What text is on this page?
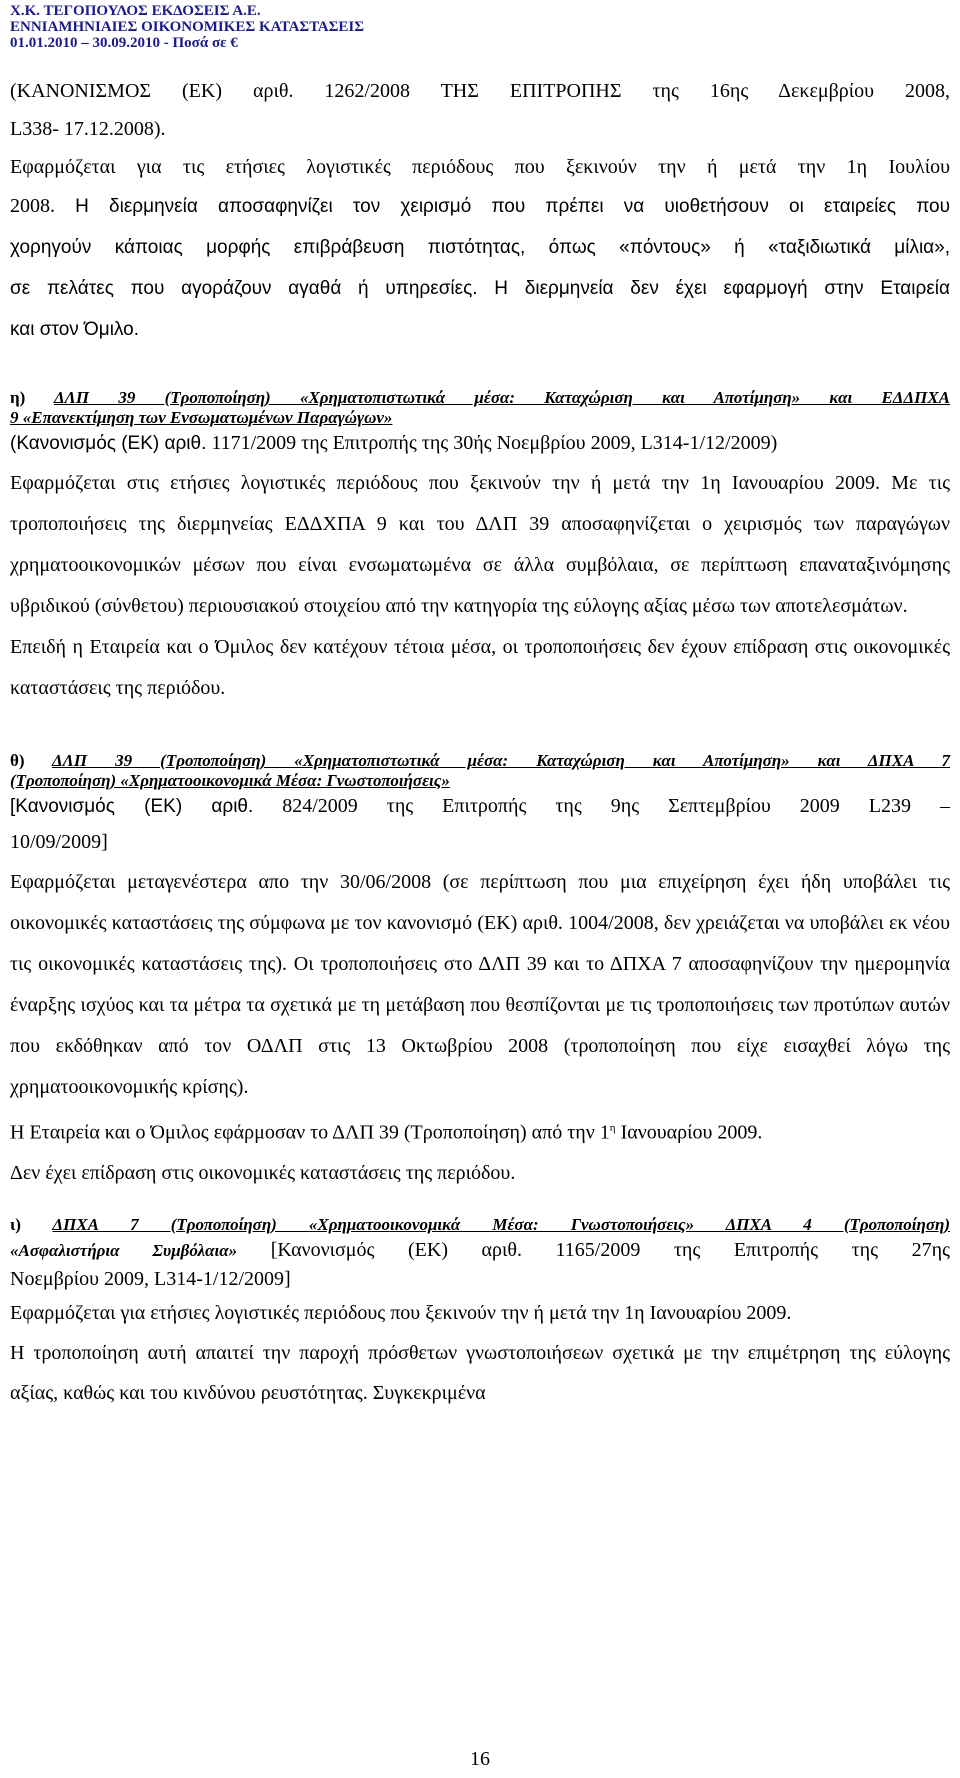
Χ.Κ. ΤΕΓΟΠΟΥΛΟΣ ΕΚΔΟΣΕΙΣ Α.Ε.
ΕΝΝΙΑΜΗΝΙΑΙΕΣ ΟΙΚΟΝΟΜΙΚΕΣ ΚΑΤΑΣΤΑΣΕΙΣ
01.01.2010 – 30.09.2010 - Ποσά σε €

(ΚΑΝΟΝΙΣΜΟΣ (ΕΚ) αριθ. 1262/2008 ΤΗΣ ΕΠΙΤΡΟΠΗΣ της 16ης Δεκεμβρίου 2008,

L338- 17.12.2008).

Εφαρμόζεται για τις ετήσιες λογιστικές περιόδους που ξεκινούν την ή μετά την 1η Ιουλίου

2008. Η διερμηνεία αποσαφηνίζει τον χειρισμό που πρέπει να υιοθετήσουν οι εταιρείες που

χορηγούν κάποιας μορφής επιβράβευση πιστότητας, όπως «πόντους» ή «ταξιδιωτικά μίλια»,

σε πελάτες που αγοράζουν αγαθά ή υπηρεσίες. Η διερμηνεία δεν έχει εφαρμογή στην Εταιρεία

και στον Όμιλο.

η) ΔΛΠ 39 (Τροποποίηση) «Χρηματοπιστωτικά μέσα: Καταχώριση και Αποτίμηση» και ΕΔΔΠΧΑ
9 «Επανεκτίμηση των Ενσωματωμένων Παραγώγων»

(Κανονισμός (ΕΚ) αριθ. 1171/2009 της Επιτροπής της 30ής Νοεμβρίου 2009, L314-1/12/2009)

Εφαρμόζεται στις ετήσιες λογιστικές περιόδους που ξεκινούν την ή μετά την 1η Ιανουαρίου 2009. Με τις τροποποιήσεις της διερμηνείας ΕΔΔΧΠΑ 9 και του ΔΛΠ 39 αποσαφηνίζεται ο χειρισμός των παραγώγων χρηματοοικονομικών μέσων που είναι ενσωματωμένα σε άλλα συμβόλαια, σε περίπτωση επαναταξινόμησης υβριδικού (σύνθετου) περιουσιακού στοιχείου από την κατηγορία της εύλογης αξίας μέσω των αποτελεσμάτων.

Επειδή η Εταιρεία και ο Όμιλος δεν κατέχουν τέτοια μέσα, οι τροποποιήσεις δεν έχουν επίδραση στις οικονομικές καταστάσεις της περιόδου.

θ) ΔΛΠ 39 (Τροποποίηση) «Χρηματοπιστωτικά μέσα: Καταχώριση και Αποτίμηση» και ΔΠΧΑ 7
(Τροποποίηση) «Χρηματοοικονομικά Μέσα: Γνωστοποιήσεις»

[Κανονισμός (ΕΚ) αριθ. 824/2009 της Επιτροπής της 9ης Σεπτεμβρίου 2009 L239 –

10/09/2009]

Εφαρμόζεται μεταγενέστερα απο την 30/06/2008 (σε περίπτωση που μια επιχείρηση έχει ήδη υποβάλει τις οικονομικές καταστάσεις της σύμφωνα με τον κανονισμό (ΕΚ) αριθ. 1004/2008, δεν χρειάζεται να υποβάλει εκ νέου τις οικονομικές καταστάσεις της). Οι τροποποιήσεις στο ΔΛΠ 39 και το ΔΠΧΑ 7 αποσαφηνίζουν την ημερομηνία έναρξης ισχύος και τα μέτρα τα σχετικά με τη μετάβαση που θεσπίζονται με τις τροποποιήσεις των προτύπων αυτών που εκδόθηκαν από τον ΟΔΛΠ στις 13 Οκτωβρίου 2008 (τροποποίηση που είχε εισαχθεί λόγω της χρηματοοικονομικής κρίσης).

Η Εταιρεία και ο Όμιλος εφάρμοσαν το ΔΛΠ 39 (Τροποποίηση) από την $1^\eta$ Ιανουαρίου 2009.

Δεν έχει επίδραση στις οικονομικές καταστάσεις της περιόδου.

ι) ΔΠΧΑ 7 (Τροποποίηση) «Χρηματοοικονομικά Μέσα: Γνωστοποιήσεις» ΔΠΧΑ 4 (Τροποποίηση)
«Ασφαλιστήρια Συμβόλαια» [Κανονισμός (ΕΚ) αριθ. 1165/2009 της Επιτροπής της 27ης

Νοεμβρίου 2009, L314-1/12/2009]

Εφαρμόζεται για ετήσιες λογιστικές περιόδους που ξεκινούν την ή μετά την 1η Ιανουαρίου 2009.

Η τροποποίηση αυτή απαιτεί την παροχή πρόσθετων γνωστοποιήσεων σχετικά με την επιμέτρηση της εύλογης αξίας, καθώς και του κινδύνου ρευστότητας. Συγκεκριμένα

16
